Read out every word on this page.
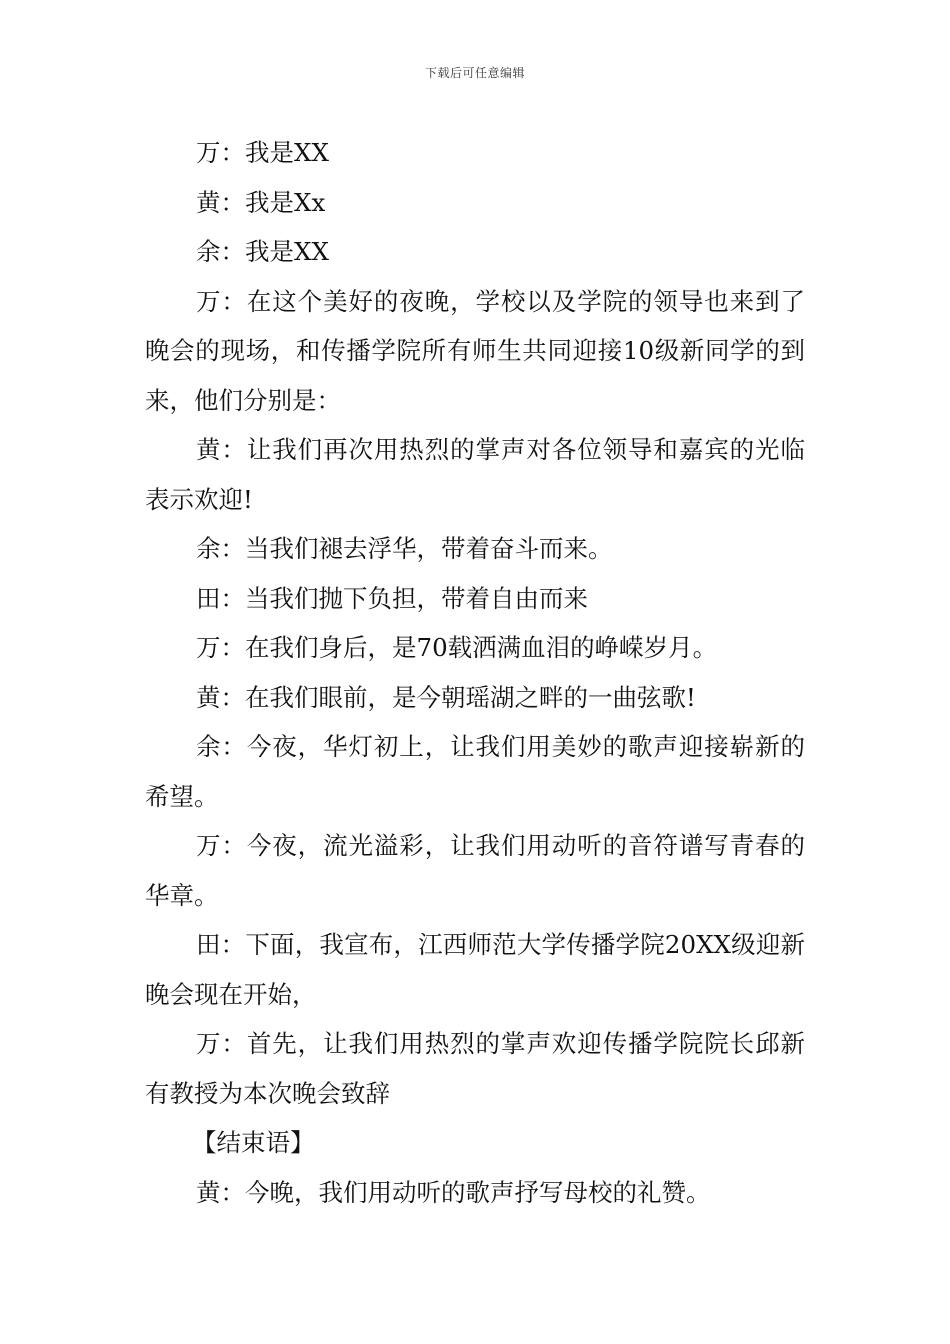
下载后可任意编辑

万：我是XX

黄：我是Xx

余：我是XX

万：在这个美好的夜晚，学校以及学院的领导也来到了晚会的现场，和传播学院所有师生共同迎接10级新同学的到来，他们分别是：

黄：让我们再次用热烈的掌声对各位领导和嘉宾的光临表示欢迎!

余：当我们褪去浮华，带着奋斗而来。

田：当我们抛下负担，带着自由而来

万：在我们身后，是70载洒满血泪的峥嵘岁月。

黄：在我们眼前，是今朝瑶湖之畔的一曲弦歌!

余：今夜，华灯初上，让我们用美妙的歌声迎接崭新的希望。

万：今夜，流光溢彩，让我们用动听的音符谱写青春的华章。

田：下面，我宣布，江西师范大学传播学院20XX级迎新晚会现在开始，

万：首先，让我们用热烈的掌声欢迎传播学院院长邱新有教授为本次晚会致辞

【结束语】

黄：今晚，我们用动听的歌声抒写母校的礼赞。
